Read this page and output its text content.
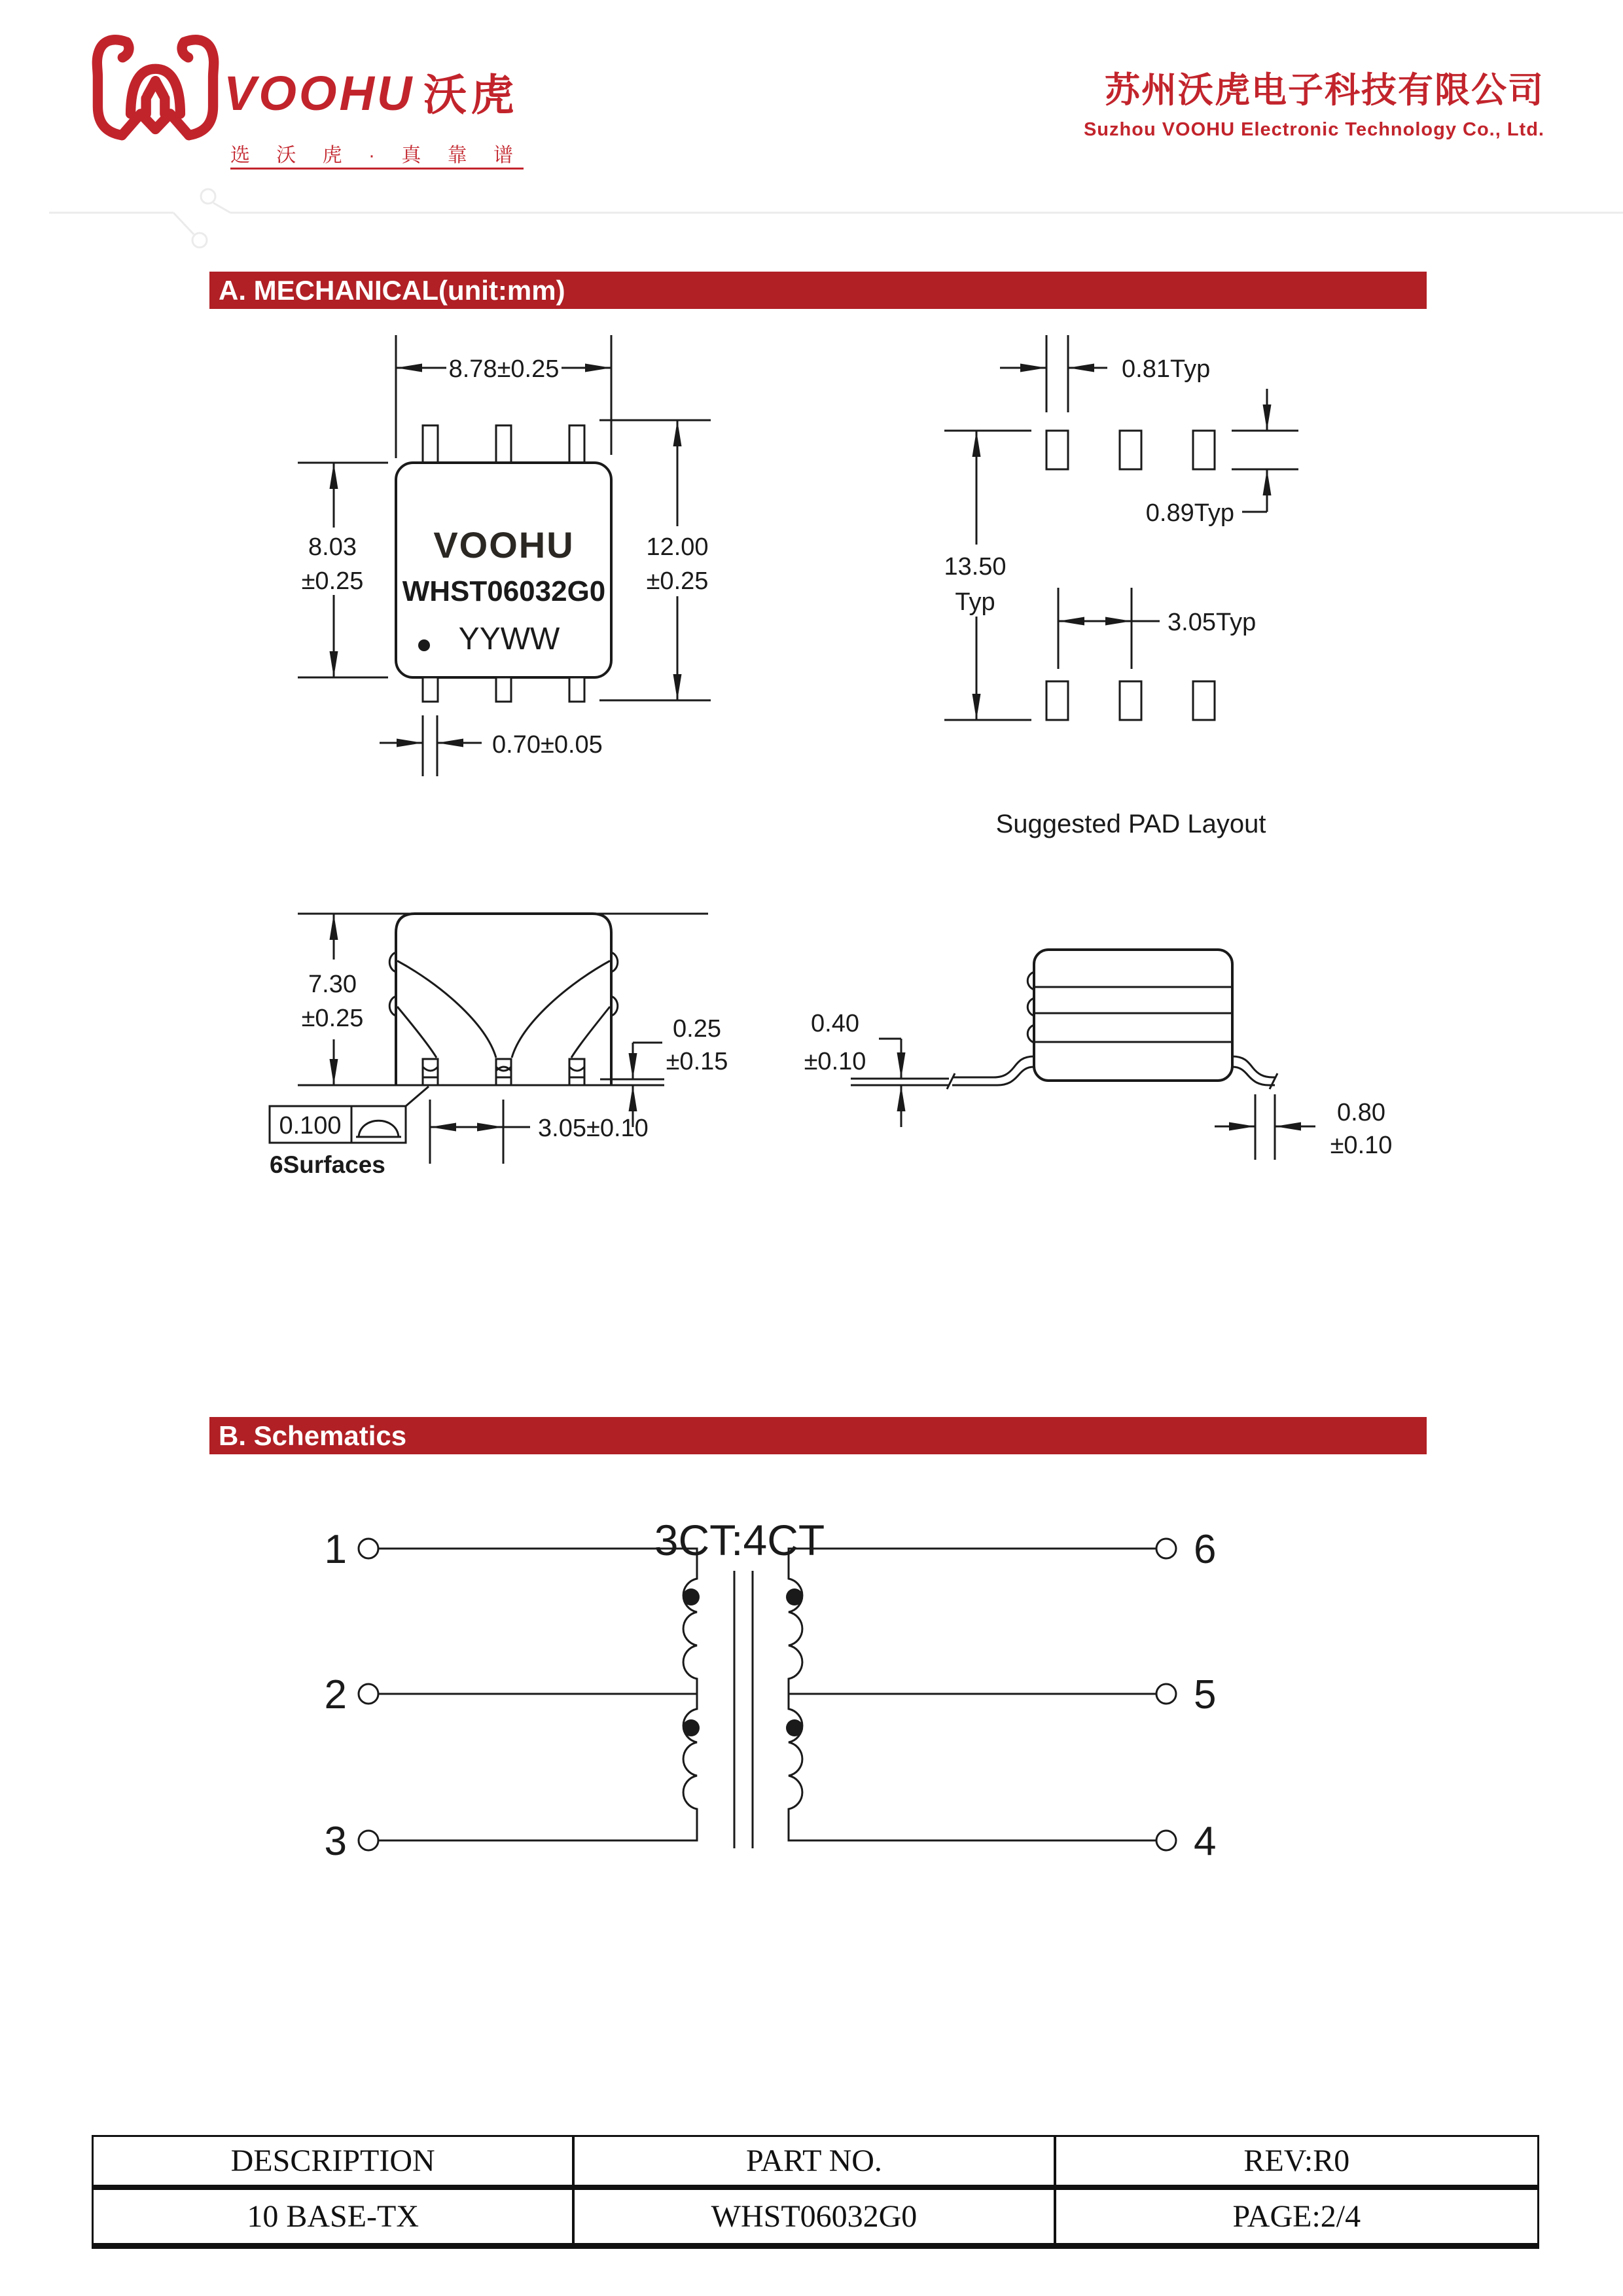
VOOHU 沃虎
选 沃 虎 · 真 靠 谱
苏州沃虎电子科技有限公司
Suzhou VOOHU Electronic Technology Co., Ltd.
A. MECHANICAL(unit:mm)
8.78±0.25
VOOHU
WHST06032G0
YYWW
8.03
±0.25
12.00
±0.25
0.70±0.05
0.81Typ
0.89Typ
13.50
Typ
3.05Typ
Suggested PAD Layout
7.30
±0.25	0.25
±0.15
3.05±0.10
0.100
6Surfaces
0.40
±0.10
0.80
±0.10
B. Schematics
3CT:4CT
1
2
3
6
5
4
DESCRIPTION	PART NO.	REV:R0
10 BASE-TX	WHST06032G0	PAGE:2/4
